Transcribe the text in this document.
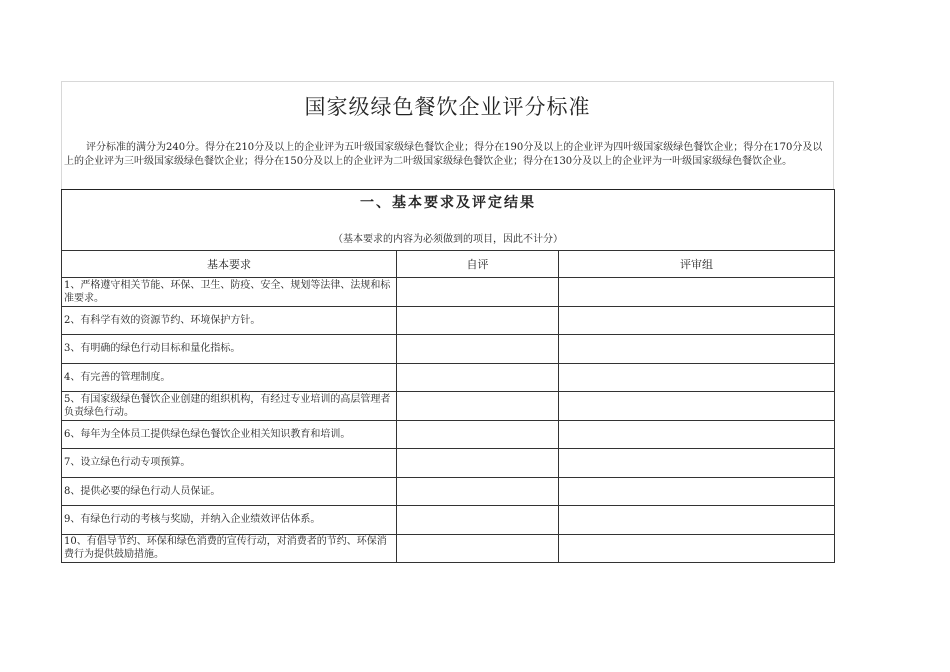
国家级绿色餐饮企业评分标准
评分标准的满分为240分。得分在210分及以上的企业评为五叶级国家级绿色餐饮企业；得分在190分及以上的企业评为四叶级国家级绿色餐饮企业；得分在170分及以上的企业评为三叶级国家级绿色餐饮企业；得分在150分及以上的企业评为二叶级国家级绿色餐饮企业；得分在130分及以上的企业评为一叶级国家级绿色餐饮企业。
一、基本要求及评定结果
（基本要求的内容为必须做到的项目，因此不计分）		

基本要求	自评	评审组
1、严格遵守相关节能、环保、卫生、防疫、安全、规划等法律、法规和标准要求。		
2、有科学有效的资源节约、环境保护方针。		
3、有明确的绿色行动目标和量化指标。		
4、有完善的管理制度。		
5、有国家级绿色餐饮企业创建的组织机构，有经过专业培训的高层管理者负责绿色行动。		
6、每年为全体员工提供绿色绿色餐饮企业相关知识教育和培训。		
7、设立绿色行动专项预算。		
8、提供必要的绿色行动人员保证。		
9、有绿色行动的考核与奖励，并纳入企业绩效评估体系。		
10、有倡导节约、环保和绿色消费的宣传行动，对消费者的节约、环保消费行为提供鼓励措施。		
